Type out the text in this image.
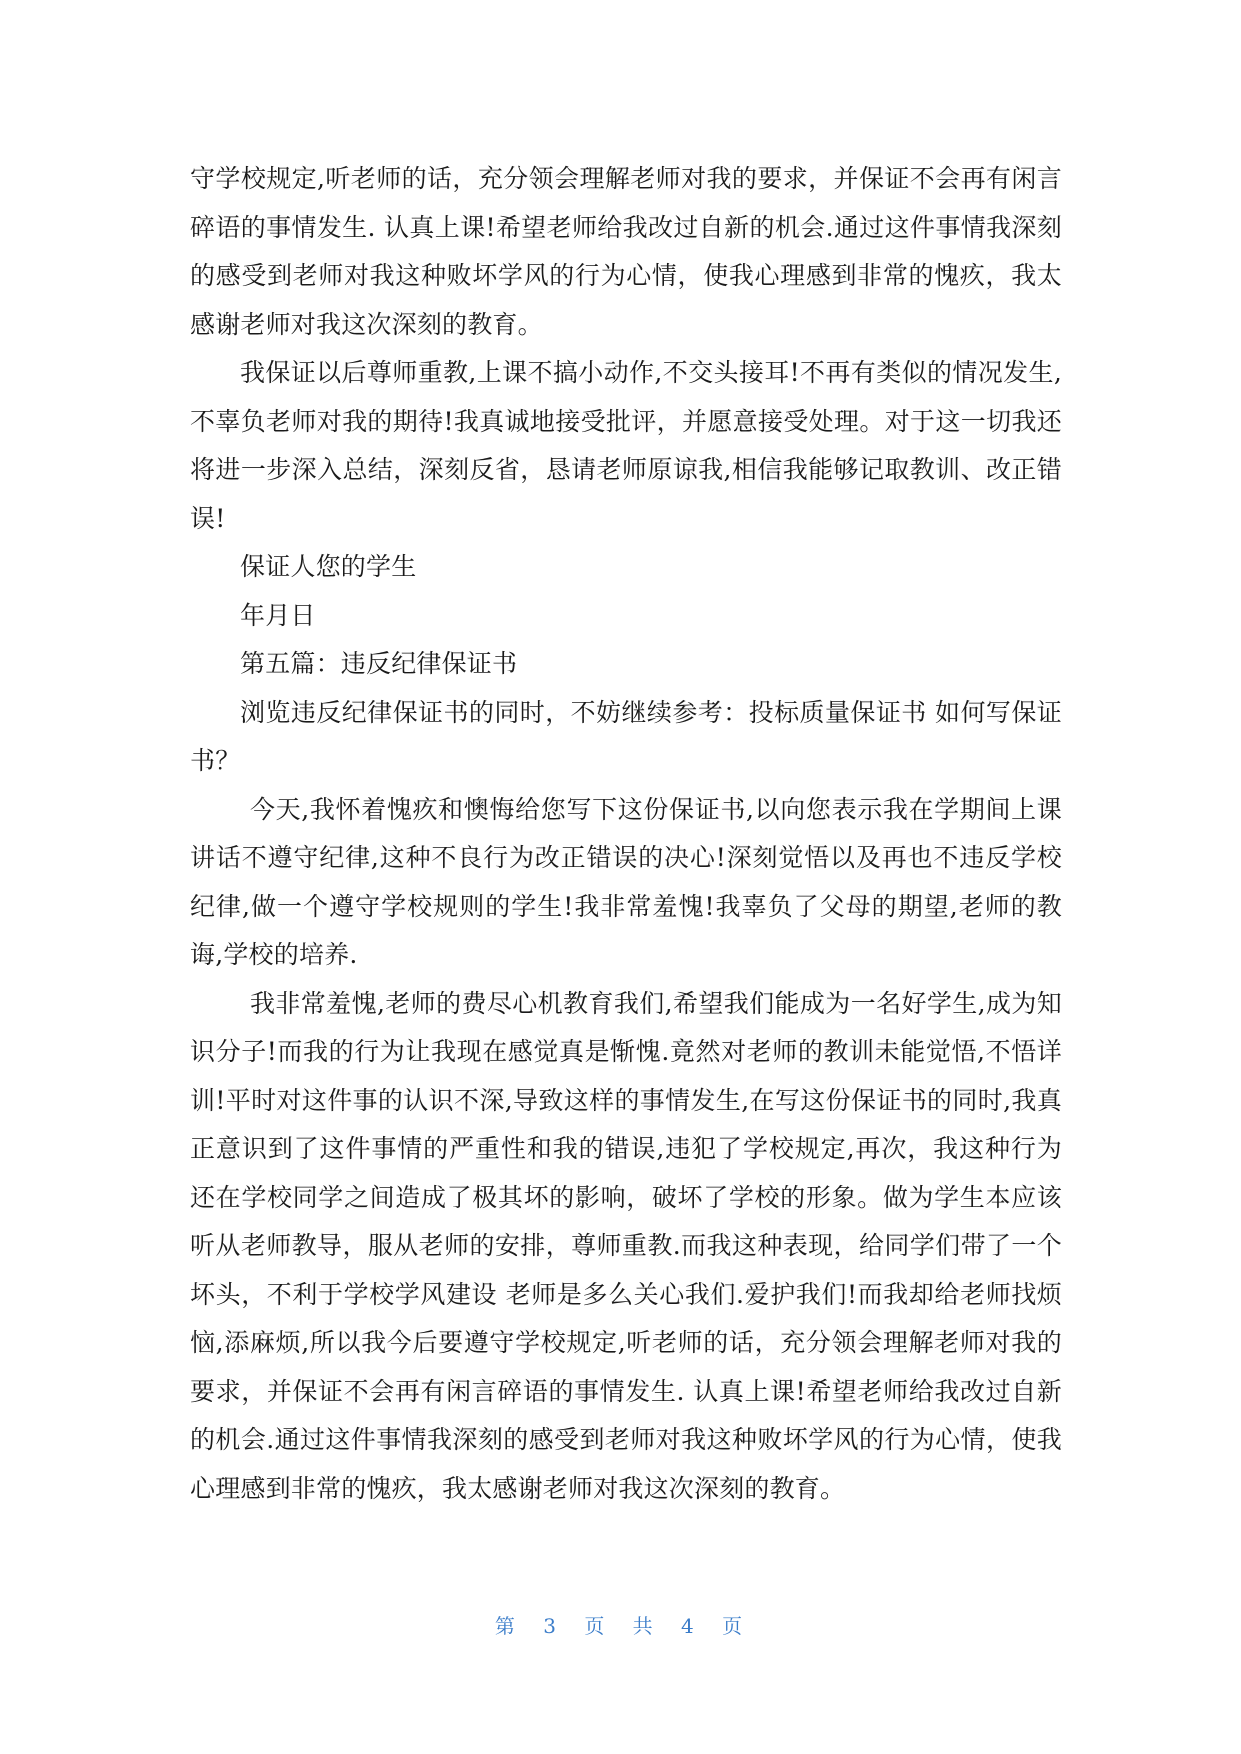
守学校规定,听老师的话，充分领会理解老师对我的要求，并保证不会再有闲言碎语的事情发生. 认真上课!希望老师给我改过自新的机会.通过这件事情我深刻的感受到老师对我这种败坏学风的行为心情，使我心理感到非常的愧疚，我太感谢老师对我这次深刻的教育。

我保证以后尊师重教,上课不搞小动作,不交头接耳!不再有类似的情况发生,不辜负老师对我的期待!我真诚地接受批评，并愿意接受处理。对于这一切我还将进一步深入总结，深刻反省，恳请老师原谅我,相信我能够记取教训、改正错误!

保证人您的学生

年月日

第五篇：违反纪律保证书

浏览违反纪律保证书的同时，不妨继续参考：投标质量保证书 如何写保证书？

今天,我怀着愧疚和懊悔给您写下这份保证书,以向您表示我在学期间上课讲话不遵守纪律,这种不良行为改正错误的决心!深刻觉悟以及再也不违反学校纪律,做一个遵守学校规则的学生!我非常羞愧!我辜负了父母的期望,老师的教诲,学校的培养.

我非常羞愧,老师的费尽心机教育我们,希望我们能成为一名好学生,成为知识分子!而我的行为让我现在感觉真是惭愧.竟然对老师的教训未能觉悟,不悟详训!平时对这件事的认识不深,导致这样的事情发生,在写这份保证书的同时,我真正意识到了这件事情的严重性和我的错误,违犯了学校规定,再次，我这种行为还在学校同学之间造成了极其坏的影响，破坏了学校的形象。做为学生本应该听从老师教导，服从老师的安排，尊师重教.而我这种表现，给同学们带了一个坏头，不利于学校学风建设 老师是多么关心我们.爱护我们!而我却给老师找烦恼,添麻烦,所以我今后要遵守学校规定,听老师的话，充分领会理解老师对我的要求，并保证不会再有闲言碎语的事情发生. 认真上课!希望老师给我改过自新的机会.通过这件事情我深刻的感受到老师对我这种败坏学风的行为心情，使我心理感到非常的愧疚，我太感谢老师对我这次深刻的教育。

第 3 页 共 4 页
